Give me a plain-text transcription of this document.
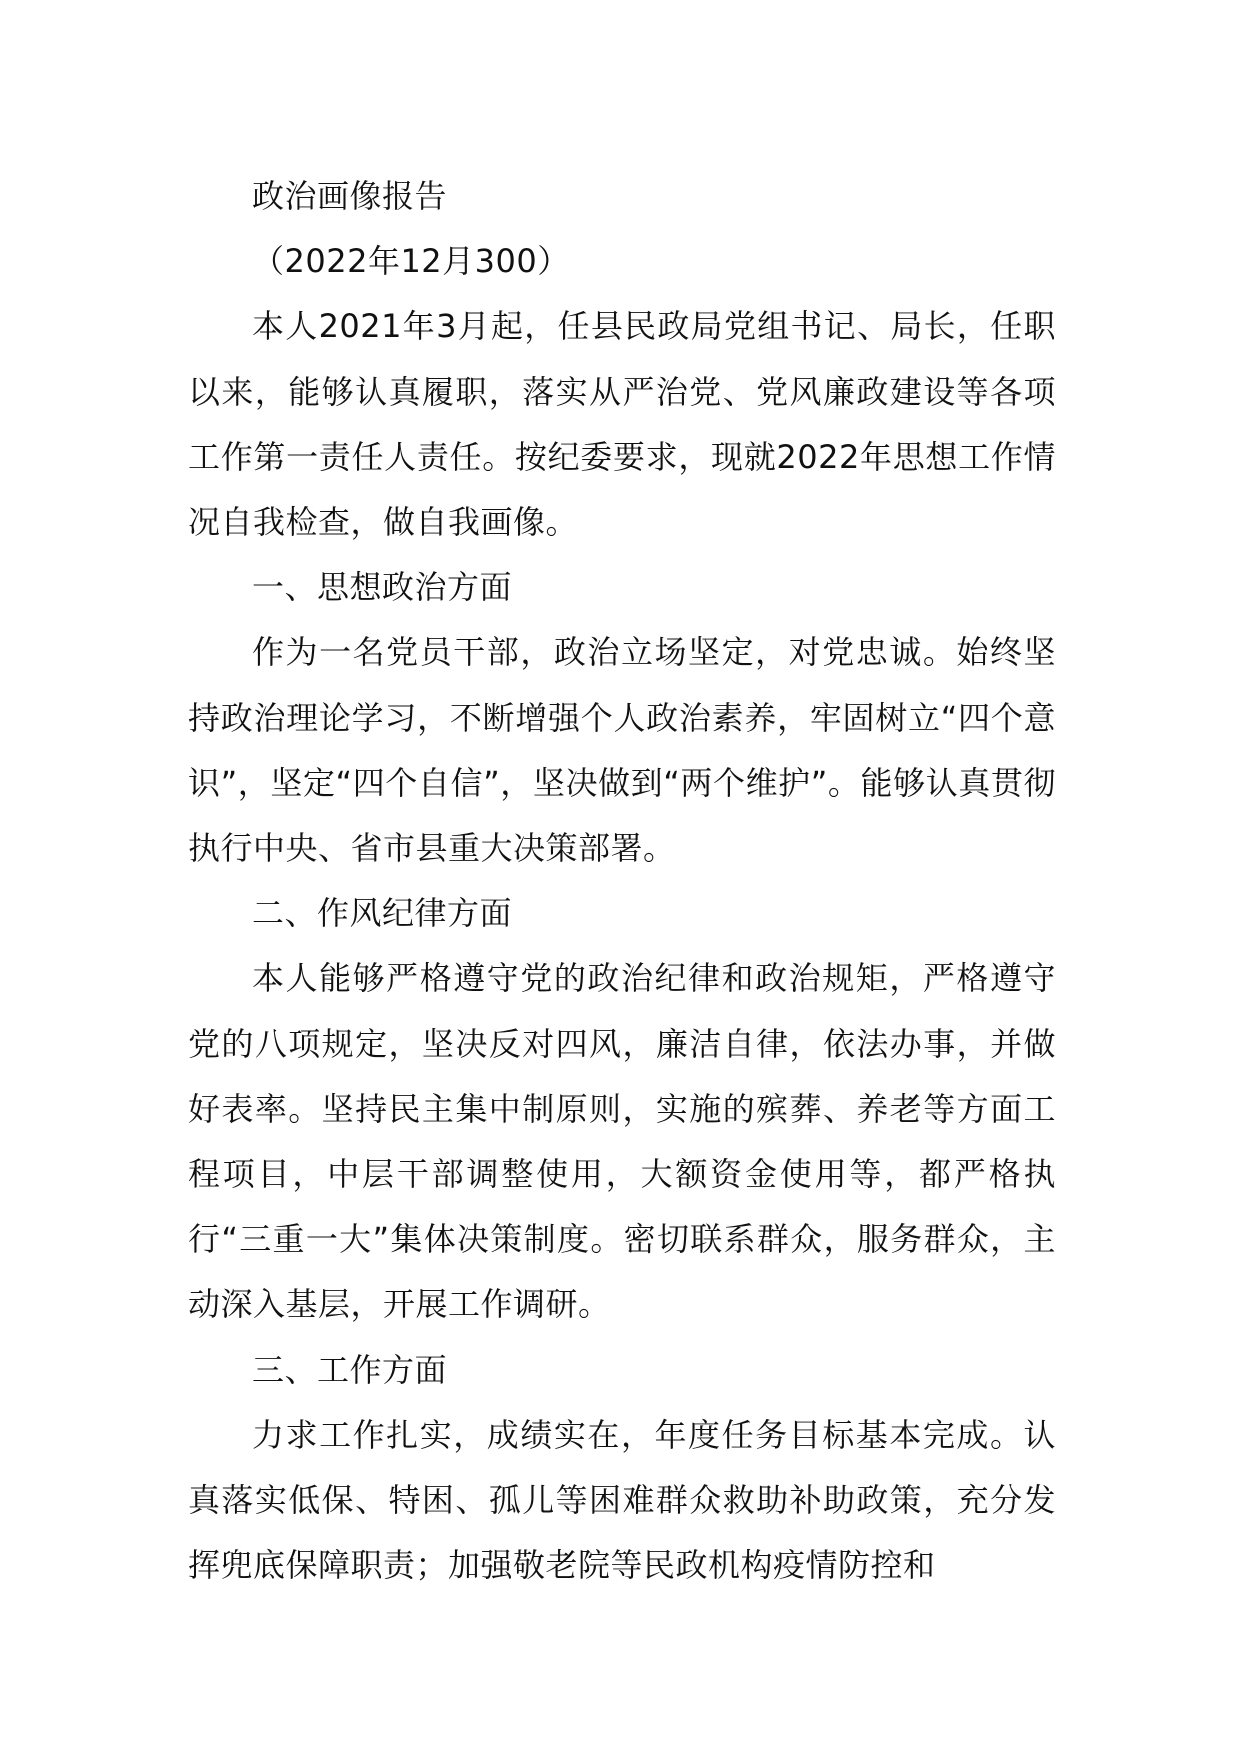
政治画像报告

（2022年12月300）

本人2021年3月起，任县民政局党组书记、局长，任职以来，能够认真履职，落实从严治党、党风廉政建设等各项工作第一责任人责任。按纪委要求，现就2022年思想工作情况自我检查，做自我画像。

一、思想政治方面

作为一名党员干部，政治立场坚定，对党忠诚。始终坚持政治理论学习，不断增强个人政治素养，牢固树立“四个意识”，坚定“四个自信”，坚决做到“两个维护”。能够认真贯彻执行中央、省市县重大决策部署。

二、作风纪律方面

本人能够严格遵守党的政治纪律和政治规矩，严格遵守党的八项规定，坚决反对四风，廉洁自律，依法办事，并做好表率。坚持民主集中制原则，实施的殡葬、养老等方面工程项目，中层干部调整使用，大额资金使用等，都严格执行“三重一大”集体决策制度。密切联系群众，服务群众，主动深入基层，开展工作调研。

三、工作方面

力求工作扎实，成绩实在，年度任务目标基本完成。认真落实低保、特困、孤儿等困难群众救助补助政策，充分发挥兜底保障职责；加强敬老院等民政机构疫情防控和
